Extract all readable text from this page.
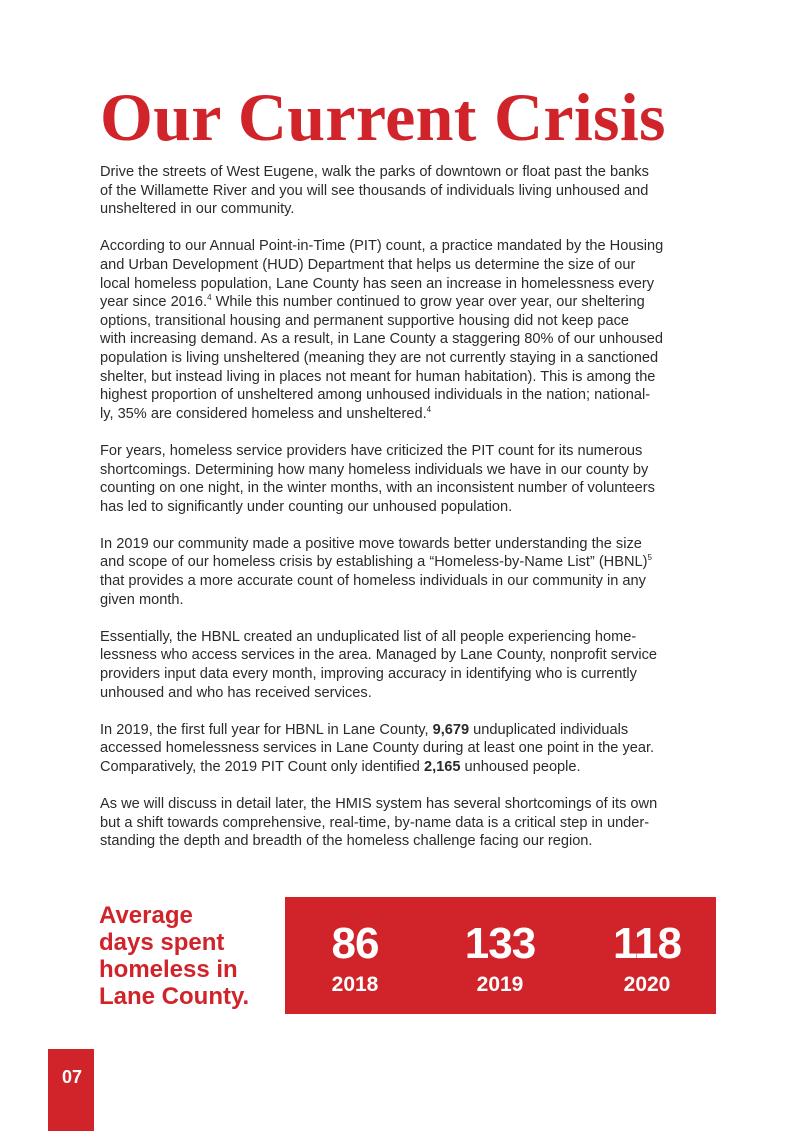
Our Current Crisis

Drive the streets of West Eugene, walk the parks of downtown or float past the banks
of the Willamette River and you will see thousands of individuals living unhoused and
unsheltered in our community.

According to our Annual Point-in-Time (PIT) count, a practice mandated by the Housing
and Urban Development (HUD) Department that helps us determine the size of our
local homeless population, Lane County has seen an increase in homelessness every
year since 2016.$^4$ While this number continued to grow year over year, our sheltering
options, transitional housing and permanent supportive housing did not keep pace
with increasing demand. As a result, in Lane County a staggering 80% of our unhoused
population is living unsheltered (meaning they are not currently staying in a sanctioned
shelter, but instead living in places not meant for human habitation). This is among the
highest proportion of unsheltered among unhoused individuals in the nation; national-
ly, 35% are considered homeless and unsheltered.$^4$

For years, homeless service providers have criticized the PIT count for its numerous
shortcomings. Determining how many homeless individuals we have in our county by
counting on one night, in the winter months, with an inconsistent number of volunteers
has led to significantly under counting our unhoused population.

In 2019 our community made a positive move towards better understanding the size
and scope of our homeless crisis by establishing a “Homeless-by-Name List” (HBNL)$^5$
that provides a more accurate count of homeless individuals in our community in any
given month.

Essentially, the HBNL created an unduplicated list of all people experiencing home-
lessness who access services in the area. Managed by Lane County, nonprofit service
providers input data every month, improving accuracy in identifying who is currently
unhoused and who has received services.

In 2019, the first full year for HBNL in Lane County, 9,679 unduplicated individuals
accessed homelessness services in Lane County during at least one point in the year.
Comparatively, the 2019 PIT Count only identified 2,165 unhoused people.

As we will discuss in detail later, the HMIS system has several shortcomings of its own
but a shift towards comprehensive, real-time, by-name data is a critical step in under-
standing the depth and breadth of the homeless challenge facing our region.

Average
days spent
homeless in
Lane County.
86
2018
133
2019
118
2020
07
